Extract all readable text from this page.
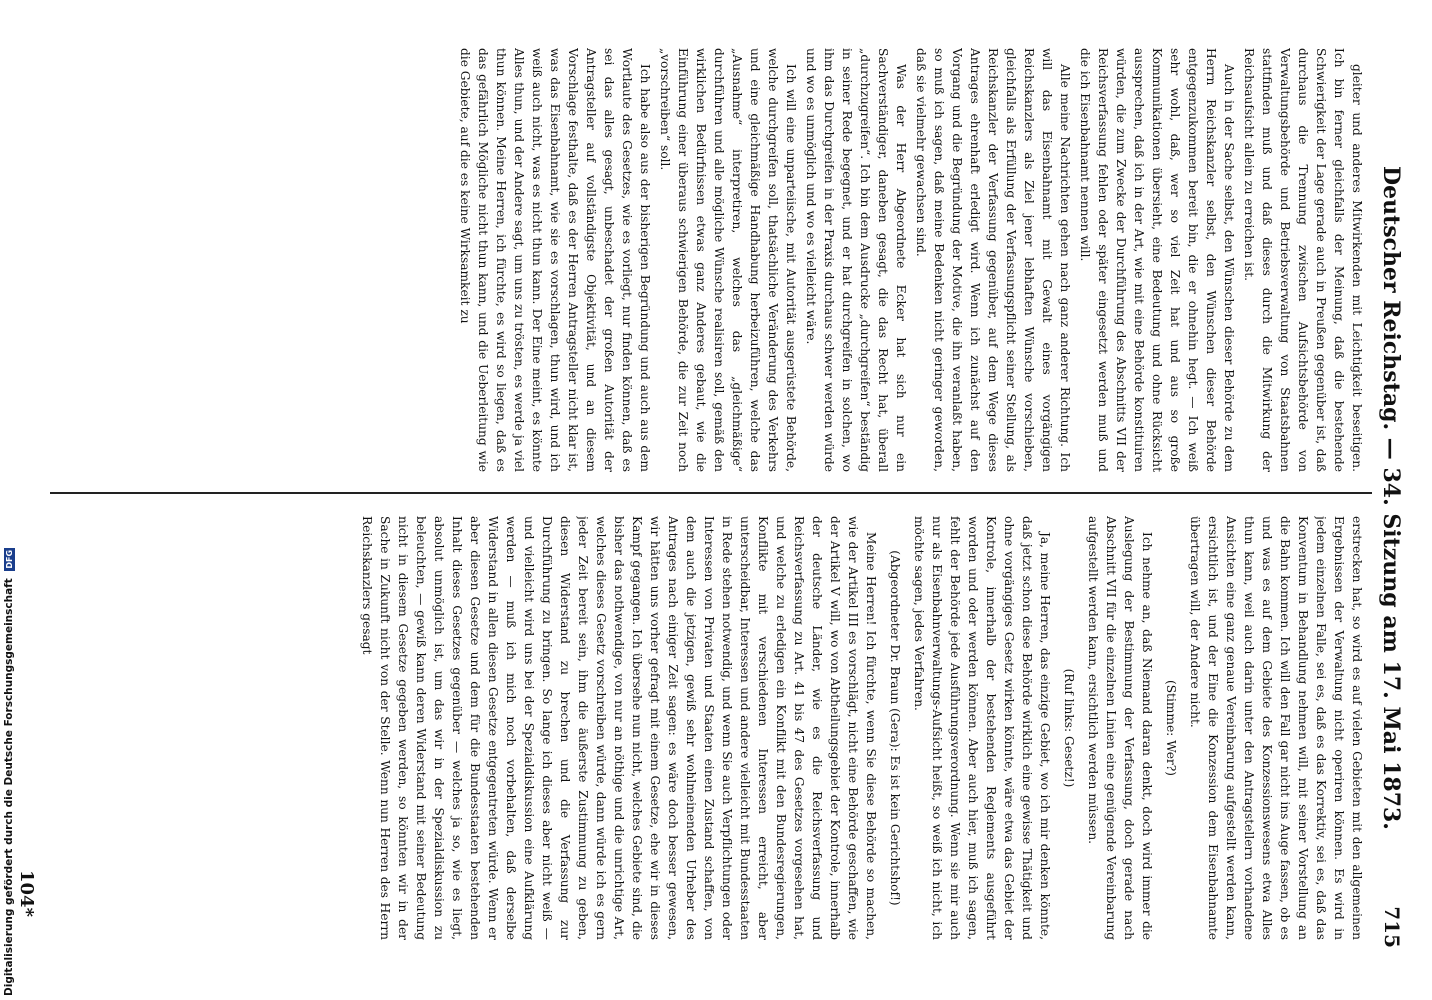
Deutscher Reichstag. — 34. Sitzung am 17. Mai 1873.
715

gleiter und anderes Mitwirkenden mit Leichtigkeit beseitigen. Ich bin ferner gleichfalls der Meinung, daß die bestehende Schwierigkeit der Lage gerade auch in Preußen gegenüber ist, daß durchaus die Trennung zwischen Aufsichtsbehörde von Verwaltungsbehörde und Betriebsverwaltung von Staatsbahnen stattfinden muß und daß dieses durch die Mitwirkung der Reichsaufsicht allein zu erreichen ist.

Auch in der Sache selbst, den Wünschen dieser Behörde zu dem Herrn Reichskanzler selbst, den Wünschen dieser Behörde entgegenzukommen bereit bin, die er ohnehin hegt. — Ich weiß sehr wohl, daß, wer so viel Zeit hat und aus so große Kommunikationen übersieht, eine Bedeutung und ohne Rücksicht aussprechen, daß ich in der Art, wie mit eine Behörde konstituiren würden, die zum Zwecke der Durchführung des Abschnitts VII der Reichsverfassung fehlen oder später eingesetzt werden muß und die ich Eisenbahnamt nennen will.

Alle meine Nachrichten gehen nach ganz anderer Richtung. Ich will das Eisenbahnamt mit Gewalt eines vorgängigen Reichskanzlers als Ziel jener lebhaften Wünsche vorschieben, gleichfalls als Erfüllung der Verfassungspflicht seiner Stellung, als Reichskanzler der Verfassung gegenüber, auf dem Wege dieses Antrages ehrenhaft erledigt wird. Wenn ich zunächst auf den Vorgang und die Begründung der Motive, die ihn veranlaßt haben, so muß ich sagen, daß meine Bedenken nicht geringer geworden, daß sie vielmehr gewachsen sind.

Was der Herr Abgeordnete Ecker hat sich nur ein Sachverständiger, daneben gesagt, die das Recht hat, überall „durchzugreifen“. Ich bin dem Ausdrucke „durchgreifen“ beständig in seiner Rede begegnet, und er hat durchgreifen in solchen, wo ihm das Durchgreifen in der Praxis durchaus schwer werden würde und wo es unmöglich und wo es vielleicht wäre.

Ich will eine unparteiische, mit Autorität ausgerüstete Behörde, welche durchgreifen soll, thatsächliche Veränderung des Verkehrs und eine gleichmäßige Handhabung herbeizuführen, welche das „Ausnahme“ interpretiren, welches das „gleichmäßige“ durchführen und alle mögliche Wünsche realisiren soll, gemäß den wirklichen Bedürfnissen etwas ganz Anderes gebaut, wie die Einführung einer überaus schwierigen Behörde, die zur Zeit noch „vorschreiben“ soll.

Ich habe also aus der bisherigen Begründung und auch aus dem Wortlaute des Gesetzes, wie es vorliegt, nur finden können, daß es sei das alles gesagt, unbeschadet der großen Autorität der Antragsteller auf vollständigste Objektivität, und an diesem Vorschlage festhalte, daß es der Herren Antragsteller nicht klar ist, was das Eisenbahnamt, wie sie es vorschlagen, thun wird, und ich weiß auch nicht, was es nicht thun kann. Der Eine meint, es könnte Alles thun, und der Andere sagt, um uns zu trösten, es werde ja viel thun können. Meine Herren, ich fürchte, es wird so liegen, daß es das gefährlich Mögliche nicht thun kann, und die Ueberleitung wie die Gebiete, auf die es keine Wirksamkeit zu

erstrecken hat, so wird es auf vielen Gebieten mit den allgemeinen Ergebnissen der Verwaltung nicht operiren können. Es wird in jedem einzelnen Falle, sei es, daß es das Korrektiv, sei es, daß das Konventum in Behandlung nehmen will, mit seiner Vorstellung an die Bahn kommen. Ich will den Fall gar nicht ins Auge fassen, ob es und was es auf dem Gebiete des Konzessionswesens etwa Alles thun kann, weil auch darin unter den Antragstellern vorhandene Ansichten eine ganz genaue Vereinbarung aufgestellt werden kann, ersichtlich ist, und der Eine die Konzession dem Eisenbahnamte übertragen will, der Andere nicht.

(Stimme: Wer?)

Ich nehme an, daß Niemand daran denkt, doch wird immer die Auslegung der Bestimmung der Verfassung, doch gerade nach Abschnitt VII für die einzelnen Linien eine genügende Vereinbarung aufgestellt werden kann, ersichtlich werden müssen.

(Ruf links: Gesetz!)

Ja, meine Herren, das einzige Gebiet, wo ich mir denken könnte, daß jetzt schon diese Behörde wirklich eine gewisse Thätigkeit und ohne vorgängiges Gesetz wirken könnte, wäre etwa das Gebiet der Kontrole, innerhalb der bestehenden Reglements ausgeführt worden und oder werden können. Aber auch hier, muß ich sagen, fehlt der Behörde jede Ausführungsverordnung. Wenn sie mir auch nur als Eisenbahnverwaltungs-Aufsicht heißt, so weiß ich nicht, ich möchte sagen, jedes Verfahren.

(Abgeordneter Dr. Braun (Gera): Es ist kein Gerichtshof!)

Meine Herren! Ich fürchte, wenn Sie diese Behörde so machen, wie der Artikel III es vorschlägt, nicht eine Behörde geschaffen, wie der Artikel V will, wo von Abtheilungsgebiet der Kontrole, innerhalb der deutsche Länder, wie es die Reichsverfassung und Reichsverfassung zu Art. 41 bis 47 des Gesetzes vorgesehen hat, und welche zu erledigen ein Konflikt mit den Bundesregierungen, Konflikte mit verschiedenen Interessen erreicht, aber unterscheidbar, Interessen und andere vielleicht mit Bundesstaaten in Rede stehen notwendig, und wenn Sie auch Verpflichtungen oder Interessen von Privaten und Staaten einen Zustand schaffen, von dem auch die jetzigen, gewiß sehr wohlmeinenden Urheber des Antrages nach einiger Zeit sagen: es wäre doch besser gewesen, wir hätten uns vorher gefragt mit einem Gesetze, ehe wir in dieses Kampf gegangen. Ich übersehe nun nicht, welches Gebiete sind, die bisher das nothwendige, von nur an nöthige und die unrichtige Art, welches dieses Gesetz vorschreiben würde, dann würde ich es gern jeder Zeit bereit sein, ihm die äußerste Zustimmung zu geben, diesen Widerstand zu brechen und die Verfassung zur Durchführung zu bringen. So lange ich dieses aber nicht weiß — und vielleicht wird uns bei der Spezialdiskussion eine Aufklärung werden — muß ich mich noch vorbehalten, daß derselbe Widerstand in allen diesen Gesetze entgegentreten würde. Wenn er aber diesen Gesetze und dem für die Bundesstaaten bestehenden Inhalt dieses Gesetzes gegenüber — welches ja so, wie es liegt, absolut unmöglich ist, um das wir in der Spezialdiskussion zu beleuchten, — gewiß kann deren Widerstand mit seiner Bedeutung nicht in diesem Gesetze gegeben werden, so könnten wir in der Sache in Zukunft nicht von der Stelle. Wenn nun Herren des Herrn Reichskanzlers gesagt

104*
Digitalisierung gefördert durch die Deutsche Forschungsgemeinschaft DFG
